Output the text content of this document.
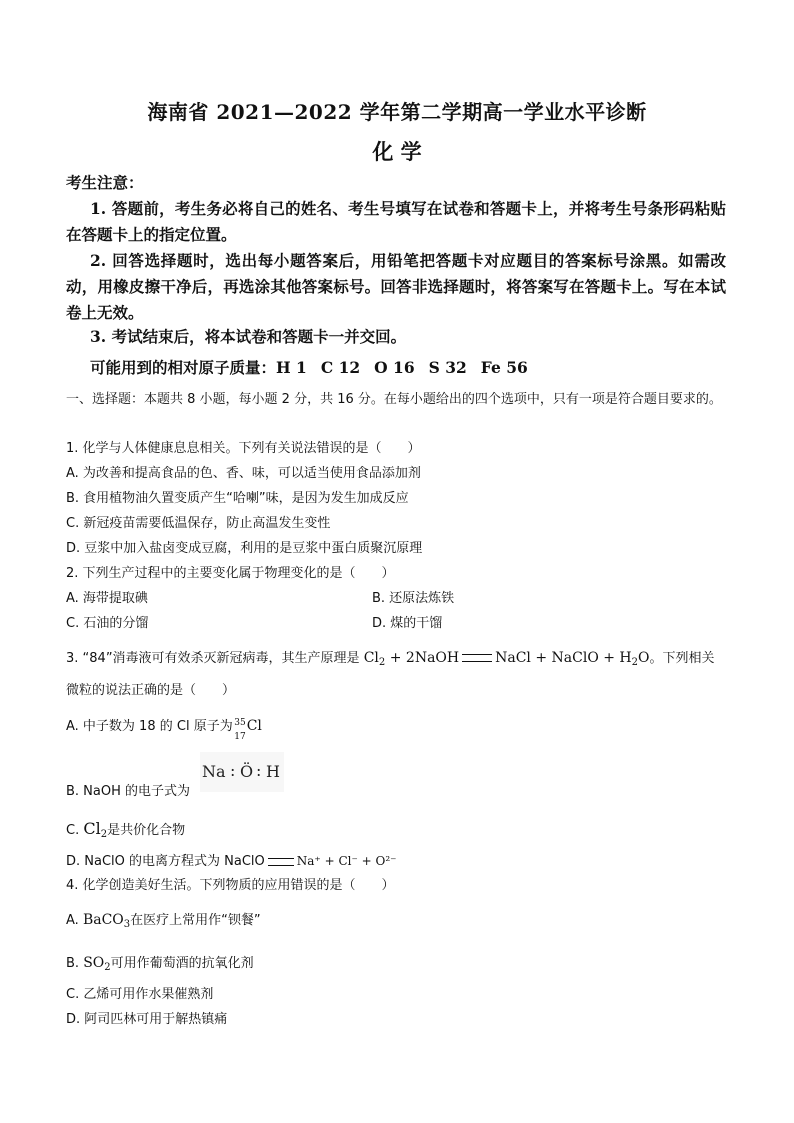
海南省 2021—2022 学年第二学期高一学业水平诊断
化 学
考生注意：
1. 答题前，考生务必将自己的姓名、考生号填写在试卷和答题卡上，并将考生号条形码粘贴在答题卡上的指定位置。
2. 回答选择题时，选出每小题答案后，用铅笔把答题卡对应题目的答案标号涂黑。如需改动，用橡皮擦干净后，再选涂其他答案标号。回答非选择题时，将答案写在答题卡上。写在本试卷上无效。
3. 考试结束后，将本试卷和答题卡一并交回。
可能用到的相对原子质量：H 1 C 12 O 16 S 32 Fe 56
一、选择题：本题共 8 小题，每小题 2 分，共 16 分。在每小题给出的四个选项中，只有一项是符合题目要求的。
1. 化学与人体健康息息相关。下列有关说法错误的是（　　）
A. 为改善和提高食品的色、香、味，可以适当使用食品添加剂
B. 食用植物油久置变质产生“哈喇”味，是因为发生加成反应
C. 新冠疫苗需要低温保存，防止高温发生变性
D. 豆浆中加入盐卤变成豆腐，利用的是豆浆中蛋白质聚沉原理
2. 下列生产过程中的主要变化属于物理变化的是（　　）
A. 海带提取碘	B. 还原法炼铁
C. 石油的分馏	D. 煤的干馏
3. “84”消毒液可有效杀灭新冠病毒，其生产原理是 $Cl_2$ + 2NaOH	NaCl + NaClO + $H_2O$。下列相关
微粒的说法正确的是（　　）
A. 中子数为 18 的 Cl 原子为 35
17
Cl
Na : Ö : H
B. NaOH 的电子式为
C. $Cl_2$是共价化合物
D. NaClO 的电离方程式为 NaClO	Na⁺ + Cl⁻ + O²⁻
4. 化学创造美好生活。下列物质的应用错误的是（　　）
A. BaCO$_3$在医疗上常用作“钡餐”
B. $SO_2$可用作葡萄酒的抗氧化剂
C. 乙烯可用作水果催熟剂
D. 阿司匹林可用于解热镇痛
